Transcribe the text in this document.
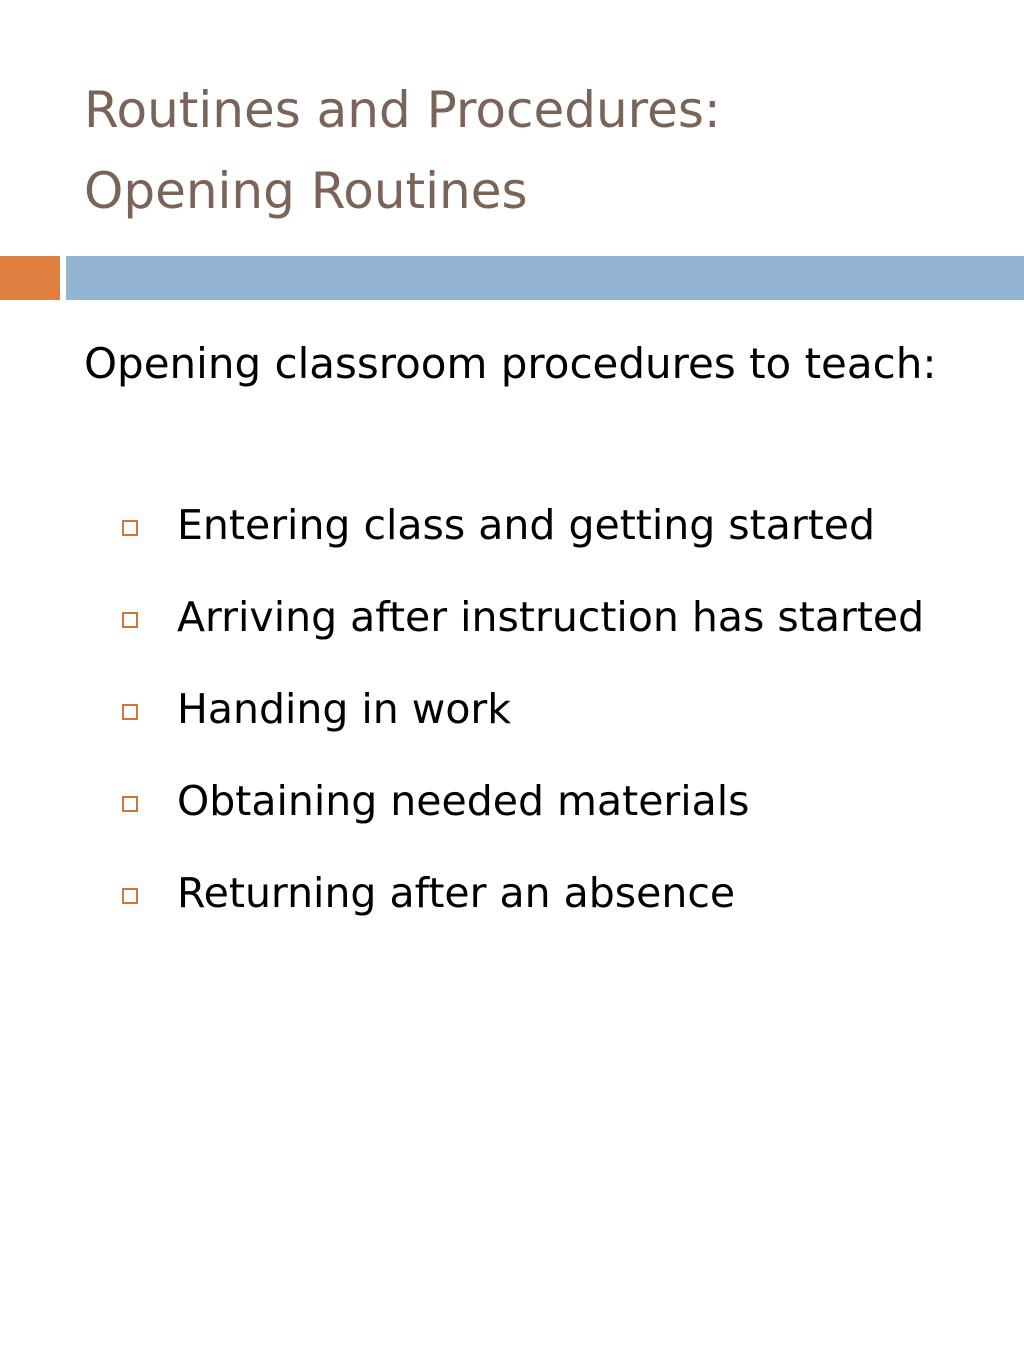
Routines and Procedures:
Opening Routines

Opening classroom procedures to teach:

Entering class and getting started
Arriving after instruction has started
Handing in work
Obtaining needed materials
Returning after an absence
